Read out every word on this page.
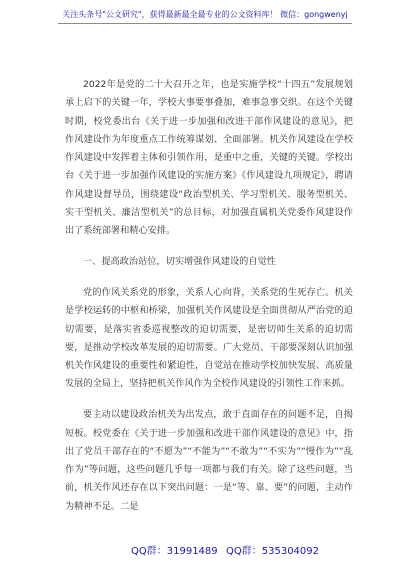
关注头条号"公文研究"，获得最新最全最专业的公文资料库！ 微信：gongwenyj

2022年是党的二十大召开之年，也是实施学校“十四五”发展规划承上启下的关键一年，学校大事要事叠加，难事急事交织。在这个关键时期，校党委出台《关于进一步加强和改进干部作风建设的意见》，把作风建设作为年度重点工作统筹谋划、全面部署。机关作风建设在学校作风建设中发挥着主体和引领作用，是重中之重，关键的关键。学校出台《关于进一步加强作风建设的实施方案》《作风建设九项规定》，聘请作风建设督导员，围绕建设“政治型机关、学习型机关、服务型机关、实干型机关、廉洁型机关”的总目标，对加强直属机关党委作风建设作出了系统部署和精心安排。

一、提高政治站位，切实增强作风建设的自觉性

党的作风关系党的形象，关系人心向背，关系党的生死存亡。机关是学校运转的中枢和桥梁，加强机关作风建设是全面贯彻从严治党的迫切需要，是落实省委巡视整改的迫切需要，是密切师生关系的迫切需要，是推动学校改革发展的迫切需要。广大党员、干部要深刻认识加强机关作风建设的重要性和紧迫性，自觉站在推动学校加快发展、高质量发展的全局上，坚持把机关作风作为全校作风建设的引领性工作来抓。

要主动以建设政治机关为出发点，敢于直面存在的问题不足，自揭短板。校党委在《关于进一步加强和改进干部作风建设的意见》中，指出了党员干部存在的“不愿为”“不能为”“不敢为”“不实为”“慢作为”“乱作为”等问题，这些问题几乎每一项都与我们有关。除了这些问题，当前，机关作风还存在以下突出问题：一是“等、靠、要”的问题，主动作为精神不足。二是

QQ群：31991489 QQ群：535304092
